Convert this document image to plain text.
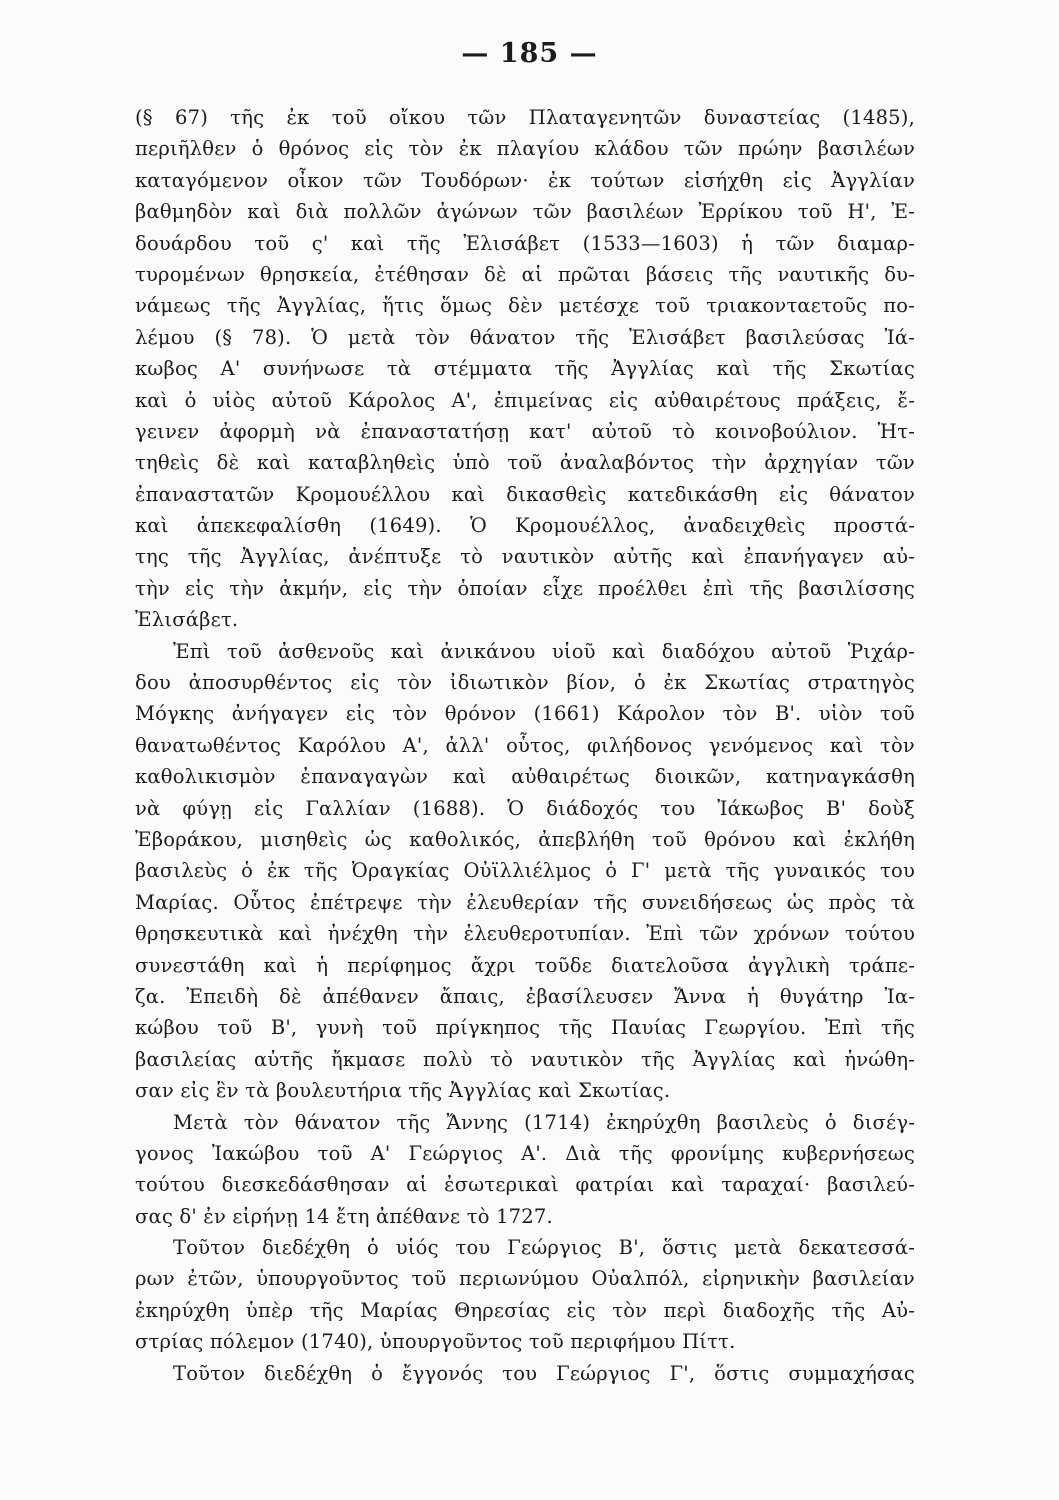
— 185 —
(§ 67) τῆς ἐκ τοῦ οἴκου τῶν Πλαταγενητῶν δυναστείας (1485),
περιῆλθεν ὁ θρόνος εἰς τὸν ἐκ πλαγίου κλάδου τῶν πρώην βασιλέων
καταγόμενον οἶκον τῶν Τουδόρων· ἐκ τούτων εἰσήχθη εἰς Ἀγγλίαν
βαθμηδὸν καὶ διὰ πολλῶν ἀγώνων τῶν βασιλέων Ἐρρίκου τοῦ Η', Ἐ-
δουάρδου τοῦ ς' καὶ τῆς Ἐλισάβετ (1533—1603) ἡ τῶν διαμαρ-
τυρομένων θρησκεία, ἐτέθησαν δὲ αἱ πρῶται βάσεις τῆς ναυτικῆς δυ-
νάμεως τῆς Ἀγγλίας, ἥτις ὅμως δὲν μετέσχε τοῦ τριακονταετοῦς πο-
λέμου (§ 78). Ὁ μετὰ τὸν θάνατον τῆς Ἐλισάβετ βασιλεύσας Ἰά-
κωβος Α' συνήνωσε τὰ στέμματα τῆς Ἀγγλίας καὶ τῆς Σκωτίας
καὶ ὁ υἱὸς αὐτοῦ Κάρολος Α', ἐπιμείνας εἰς αὐθαιρέτους πράξεις, ἔ-
γεινεν ἀφορμὴ νὰ ἐπαναστατήσῃ κατ' αὐτοῦ τὸ κοινοβούλιον. Ἡτ-
τηθεὶς δὲ καὶ καταβληθεὶς ὑπὸ τοῦ ἀναλαβόντος τὴν ἀρχηγίαν τῶν
ἐπαναστατῶν Κρομουέλλου καὶ δικασθεὶς κατεδικάσθη εἰς θάνατον
καὶ ἀπεκεφαλίσθη (1649). Ὁ Κρομουέλλος, ἀναδειχθεὶς προστά-
της τῆς Ἀγγλίας, ἀνέπτυξε τὸ ναυτικὸν αὐτῆς καὶ ἐπανήγαγεν αὐ-
τὴν εἰς τὴν ἀκμήν, εἰς τὴν ὁποίαν εἶχε προέλθει ἐπὶ τῆς βασιλίσσης
Ἐλισάβετ.
Ἐπὶ τοῦ ἀσθενοῦς καὶ ἀνικάνου υἱοῦ καὶ διαδόχου αὐτοῦ Ῥιχάρ-
δου ἀποσυρθέντος εἰς τὸν ἰδιωτικὸν βίον, ὁ ἐκ Σκωτίας στρατηγὸς
Μόγκης ἀνήγαγεν εἰς τὸν θρόνον (1661) Κάρολον τὸν Β'. υἱὸν τοῦ
θανατωθέντος Καρόλου Α', ἀλλ' οὗτος, φιλήδονος γενόμενος καὶ τὸν
καθολικισμὸν ἐπαναγαγὼν καὶ αὐθαιρέτως διοικῶν, κατηναγκάσθη
νὰ φύγῃ εἰς Γαλλίαν (1688). Ὁ διάδοχός του Ἰάκωβος Β' δοὺξ
Ἐβοράκου, μισηθεὶς ὡς καθολικός, ἀπεβλήθη τοῦ θρόνου καὶ ἐκλήθη
βασιλεὺς ὁ ἐκ τῆς Ὀραγκίας Οὐϊλλιέλμος ὁ Γ' μετὰ τῆς γυναικός του
Μαρίας. Οὗτος ἐπέτρεψε τὴν ἐλευθερίαν τῆς συνειδήσεως ὡς πρὸς τὰ
θρησκευτικὰ καὶ ἠνέχθη τὴν ἐλευθεροτυπίαν. Ἐπὶ τῶν χρόνων τούτου
συνεστάθη καὶ ἡ περίφημος ἄχρι τοῦδε διατελοῦσα ἀγγλικὴ τράπε-
ζα. Ἐπειδὴ δὲ ἀπέθανεν ἄπαις, ἐβασίλευσεν Ἄννα ἡ θυγάτηρ Ἰα-
κώβου τοῦ Β', γυνὴ τοῦ πρίγκηπος τῆς Παυίας Γεωργίου. Ἐπὶ τῆς
βασιλείας αὐτῆς ἤκμασε πολὺ τὸ ναυτικὸν τῆς Ἀγγλίας καὶ ἡνώθη-
σαν εἰς ἓν τὰ βουλευτήρια τῆς Ἀγγλίας καὶ Σκωτίας.
Μετὰ τὸν θάνατον τῆς Ἄννης (1714) ἐκηρύχθη βασιλεὺς ὁ δισέγ-
γονος Ἰακώβου τοῦ Α' Γεώργιος Α'. Διὰ τῆς φρονίμης κυβερνήσεως
τούτου διεσκεδάσθησαν αἱ ἐσωτερικαὶ φατρίαι καὶ ταραχαί· βασιλεύ-
σας δ' ἐν εἰρήνῃ 14 ἔτη ἀπέθανε τὸ 1727.
Τοῦτον διεδέχθη ὁ υἱός του Γεώργιος Β', ὅστις μετὰ δεκατεσσά-
ρων ἐτῶν, ὑπουργοῦντος τοῦ περιωνύμου Οὐαλπόλ, εἰρηνικὴν βασιλείαν
ἐκηρύχθη ὑπὲρ τῆς Μαρίας Θηρεσίας εἰς τὸν περὶ διαδοχῆς τῆς Αὐ-
στρίας πόλεμον (1740), ὑπουργοῦντος τοῦ περιφήμου Πίττ.
Τοῦτον διεδέχθη ὁ ἔγγονός του Γεώργιος Γ', ὅστις συμμαχήσας
